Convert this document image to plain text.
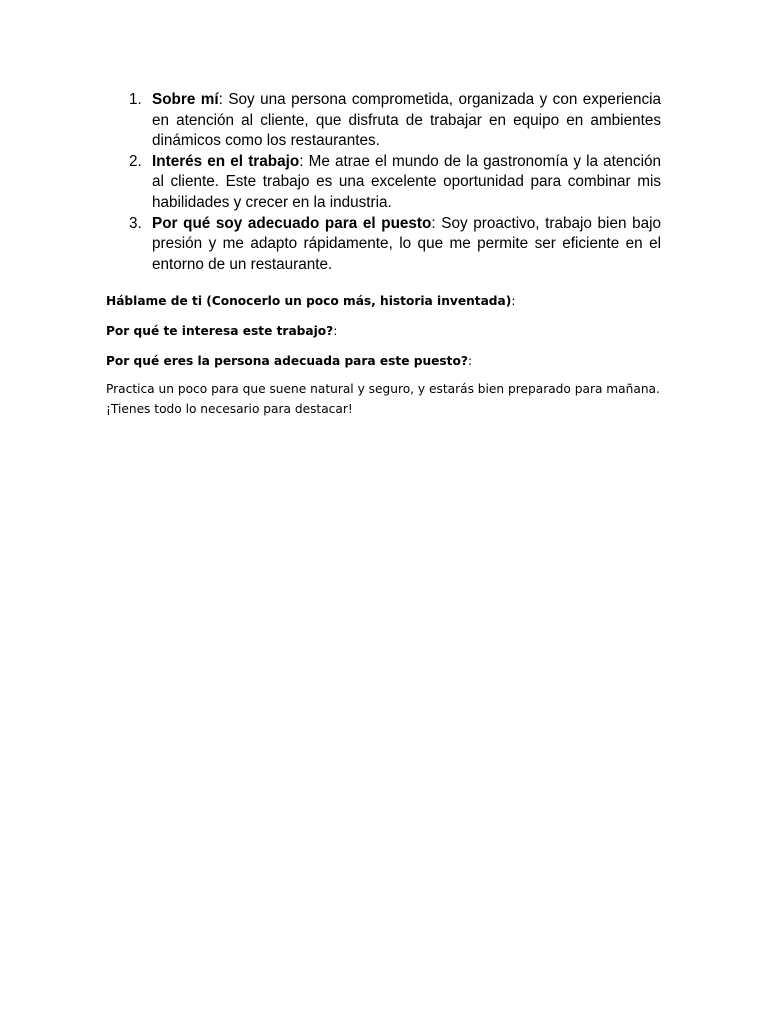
1. Sobre mí: Soy una persona comprometida, organizada y con experiencia en atención al cliente, que disfruta de trabajar en equipo en ambientes dinámicos como los restaurantes.
2. Interés en el trabajo: Me atrae el mundo de la gastronomía y la atención al cliente. Este trabajo es una excelente oportunidad para combinar mis habilidades y crecer en la industria.
3. Por qué soy adecuado para el puesto: Soy proactivo, trabajo bien bajo presión y me adapto rápidamente, lo que me permite ser eficiente en el entorno de un restaurante.

Háblame de ti (Conocerlo un poco más, historia inventada):

Por qué te interesa este trabajo?:

Por qué eres la persona adecuada para este puesto?:

Practica un poco para que suene natural y seguro, y estarás bien preparado para mañana. ¡Tienes todo lo necesario para destacar!
